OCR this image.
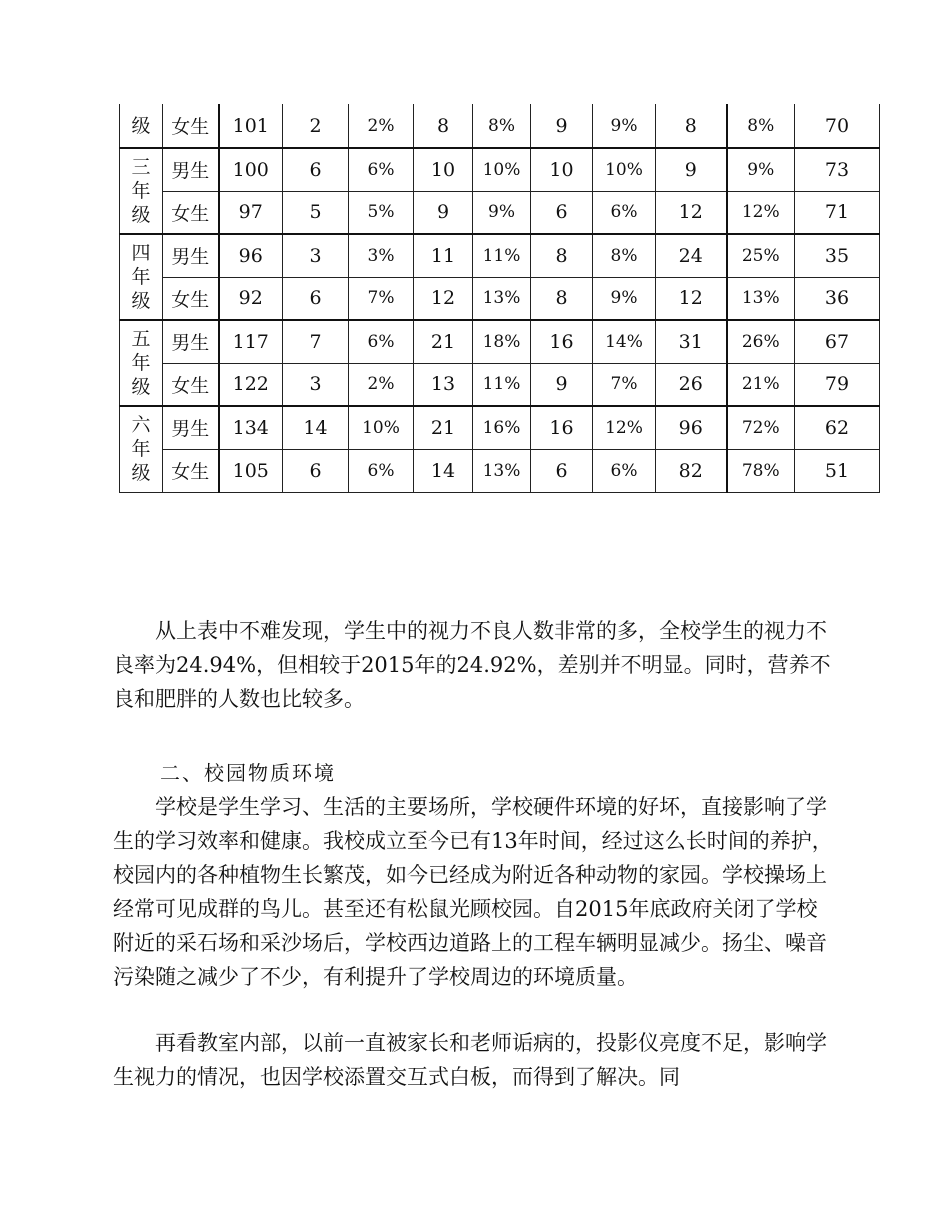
级	女生	101	2	2%	8	8%	9	9%	8	8%	70	

三
年
级	男生	100	6	6%	10	10%	10	10%	9	9%	73	
	女生	97	5	5%	9	9%	6	6%	12	12%	71	

四
年
级	男生	96	3	3%	11	11%	8	8%	24	25%	35	
	女生	92	6	7%	12	13%	8	9%	12	13%	36	

五
年
级	男生	117	7	6%	21	18%	16	14%	31	26%	67	
	女生	122	3	2%	13	11%	9	7%	26	21%	79	

六
年
级	男生	134	14	10%	21	16%	16	12%	96	72%	62	
	女生	105	6	6%	14	13%	6	6%	82	78%	51	

从上表中不难发现，学生中的视力不良人数非常的多，全校学生的视力不良率为24.94%，但相较于2015年的24.92%，差别并不明显。同时，营养不良和肥胖的人数也比较多。

二、校园物质环境

学校是学生学习、生活的主要场所，学校硬件环境的好坏，直接影响了学生的学习效率和健康。我校成立至今已有13年时间，经过这么长时间的养护，校园内的各种植物生长繁茂，如今已经成为附近各种动物的家园。学校操场上经常可见成群的鸟儿。甚至还有松鼠光顾校园。自2015年底政府关闭了学校附近的采石场和采沙场后，学校西边道路上的工程车辆明显减少。扬尘、噪音污染随之减少了不少，有利提升了学校周边的环境质量。

再看教室内部，以前一直被家长和老师诟病的，投影仪亮度不足，影响学生视力的情况，也因学校添置交互式白板，而得到了解决。同
